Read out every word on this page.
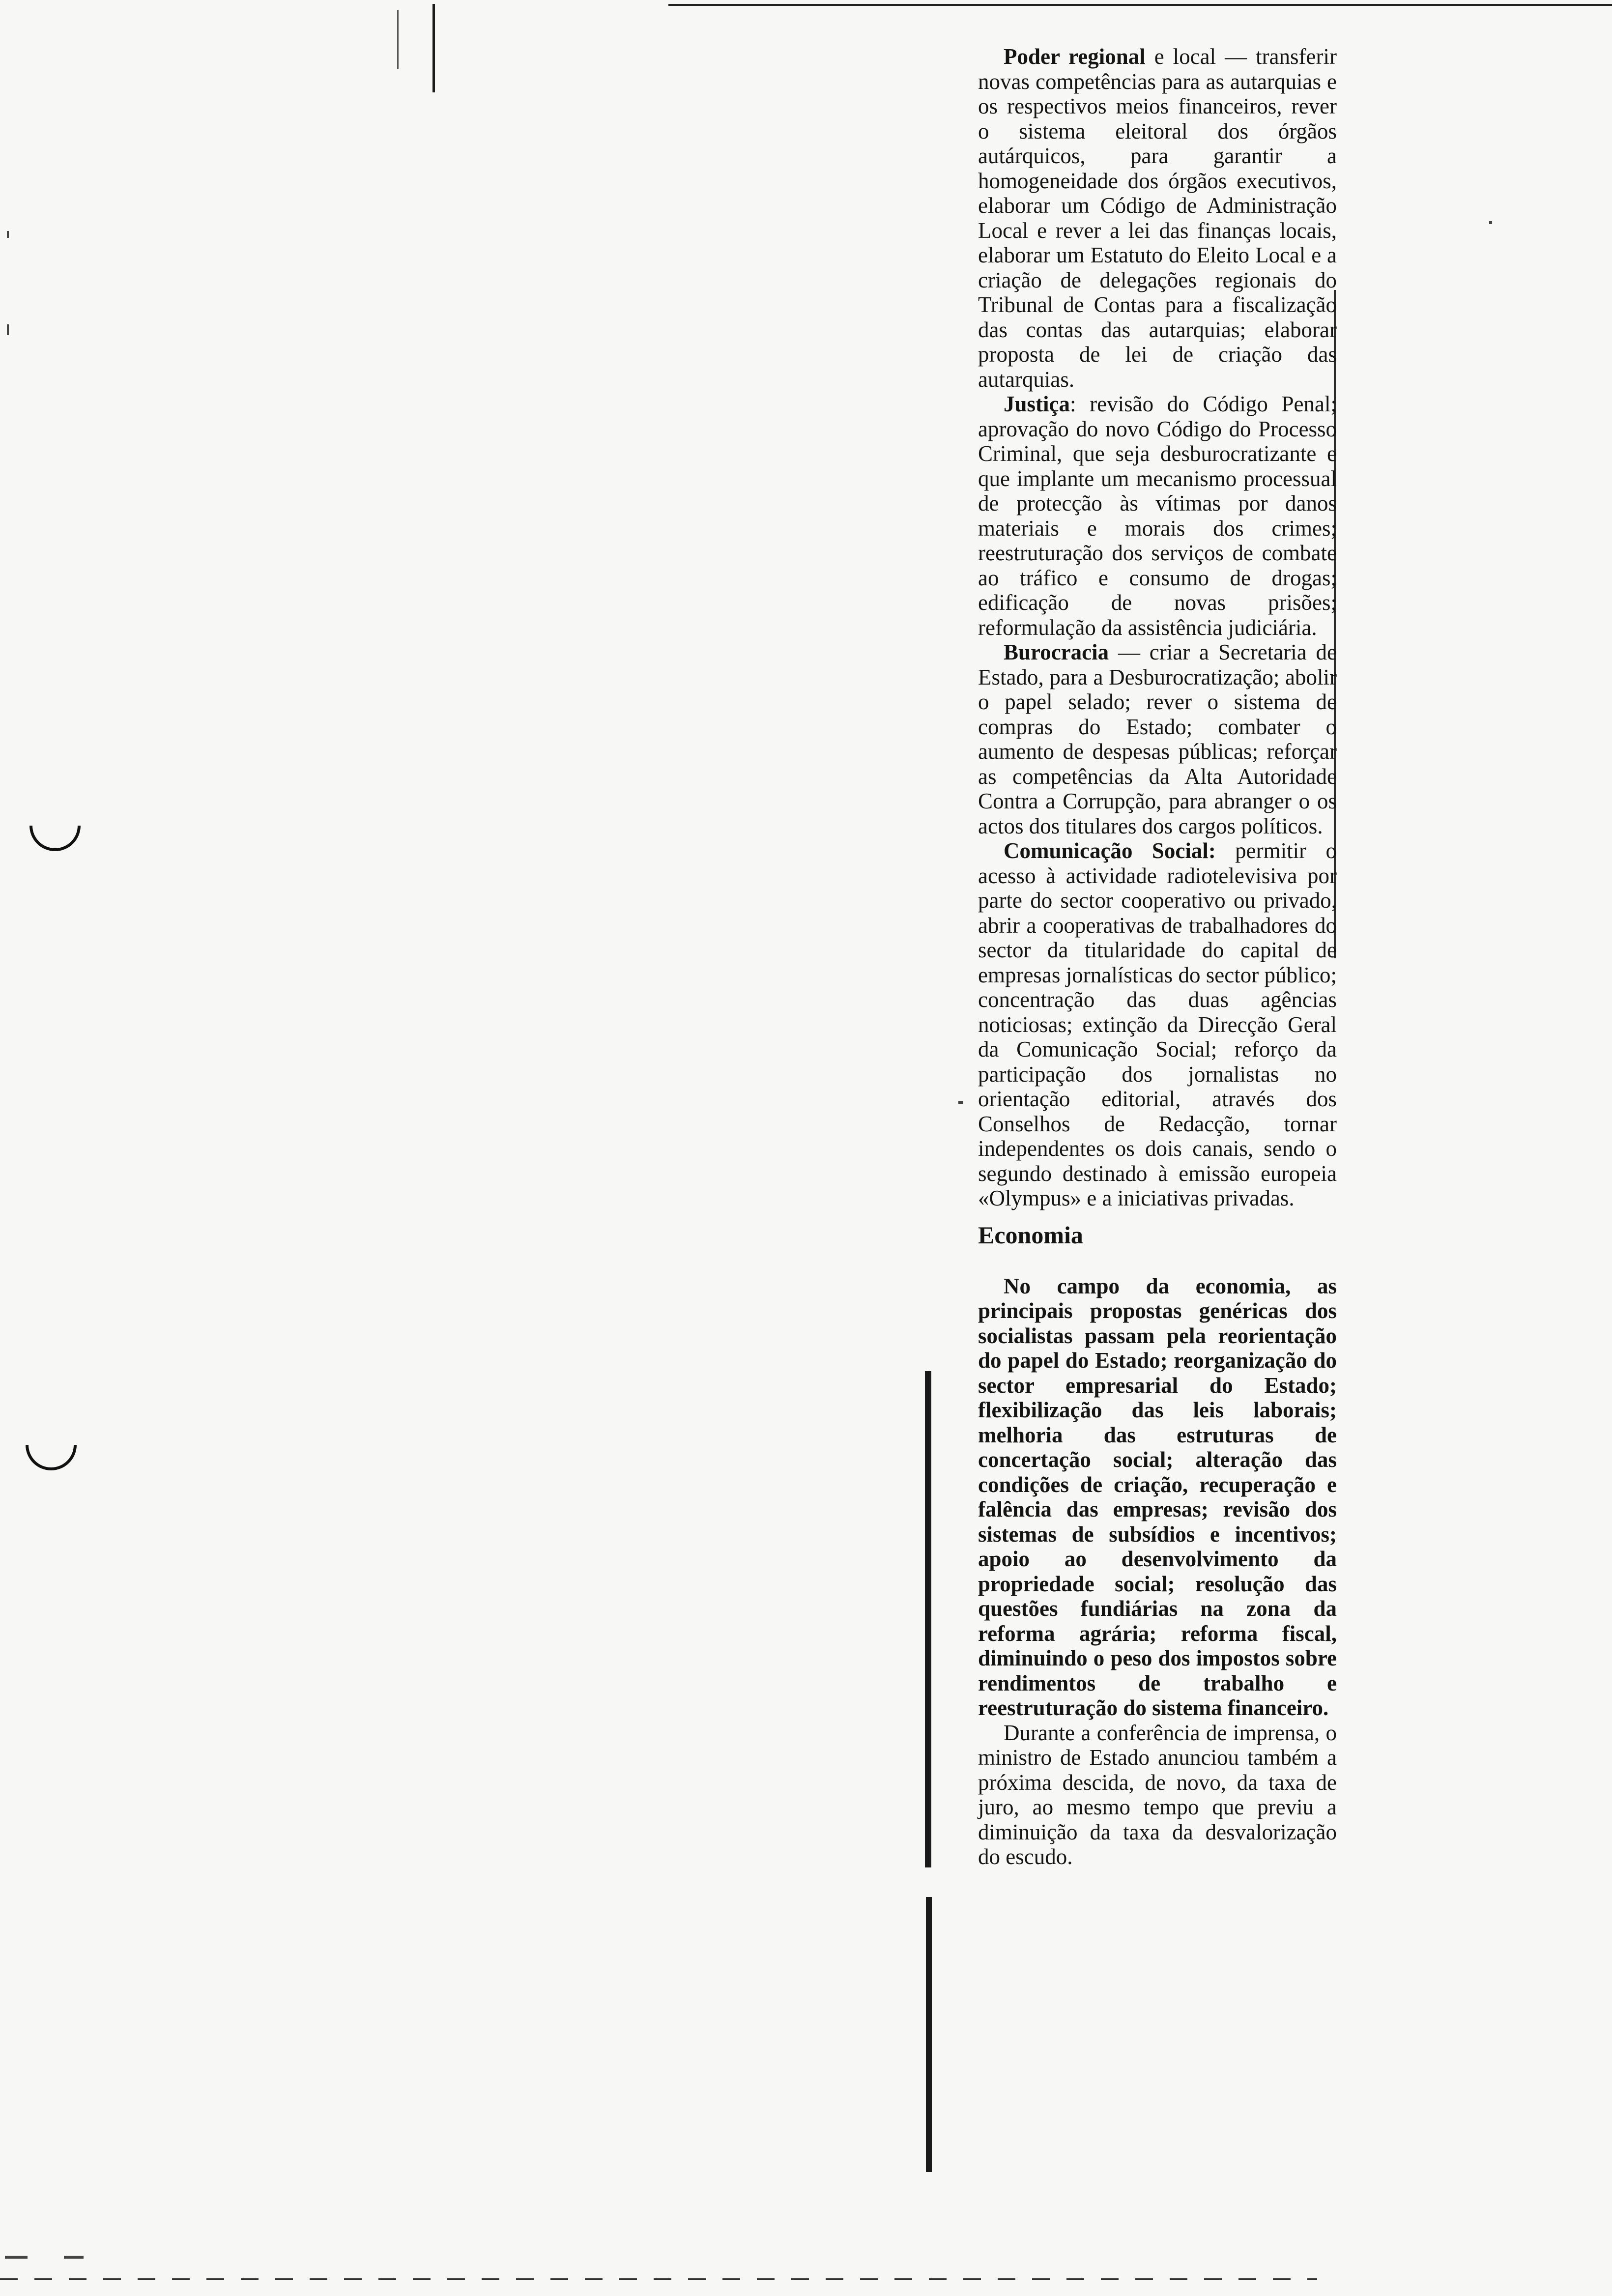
Poder regional e local — transferir novas competências para as autarquias e os respectivos meios financeiros, rever o sistema eleitoral dos órgãos autárquicos, para garantir a homogeneidade dos órgãos executivos, elaborar um Código de Administração Local e rever a lei das finanças locais, elaborar um Estatuto do Eleito Local e a criação de delegações regionais do Tribunal de Contas para a fiscalização das contas das autarquias; elaborar proposta de lei de criação das autarquias.

Justiça: revisão do Código Penal; aprovação do novo Código do Processo Criminal, que seja desburocratizante e que implante um mecanismo processual de protecção às vítimas por danos materiais e morais dos crimes; reestruturação dos serviços de combate ao tráfico e consumo de drogas; edificação de novas prisões; reformulação da assistência judiciária.

Burocracia — criar a Secretaria de Estado, para a Desburocratização; abolir o papel selado; rever o sistema de compras do Estado; combater o aumento de despesas públicas; reforçar as competências da Alta Autoridade Contra a Corrupção, para abranger o os actos dos titulares dos cargos políticos.

Comunicação Social: permitir o acesso à actividade radiotelevisiva por parte do sector cooperativo ou privado, abrir a cooperativas de trabalhadores do sector da titularidade do capital de empresas jornalísticas do sector público; concentração das duas agências noticiosas; extinção da Direcção Geral da Comunicação Social; reforço da participação dos jornalistas no orientação editorial, através dos Conselhos de Redacção, tornar independentes os dois canais, sendo o segundo destinado à emissão europeia «Olympus» e a iniciativas privadas.

Economia

No campo da economia, as principais propostas genéricas dos socialistas passam pela reorientação do papel do Estado; reorganização do sector empresarial do Estado; flexibilização das leis laborais; melhoria das estruturas de concertação social; alteração das condições de criação, recuperação e falência das empresas; revisão dos sistemas de subsídios e incentivos; apoio ao desenvolvimento da propriedade social; resolução das questões fundiárias na zona da reforma agrária; reforma fiscal, diminuindo o peso dos impostos sobre rendimentos de trabalho e reestruturação do sistema financeiro.

Durante a conferência de imprensa, o ministro de Estado anunciou também a próxima descida, de novo, da taxa de juro, ao mesmo tempo que previu a diminuição da taxa da desvalorização do escudo.
